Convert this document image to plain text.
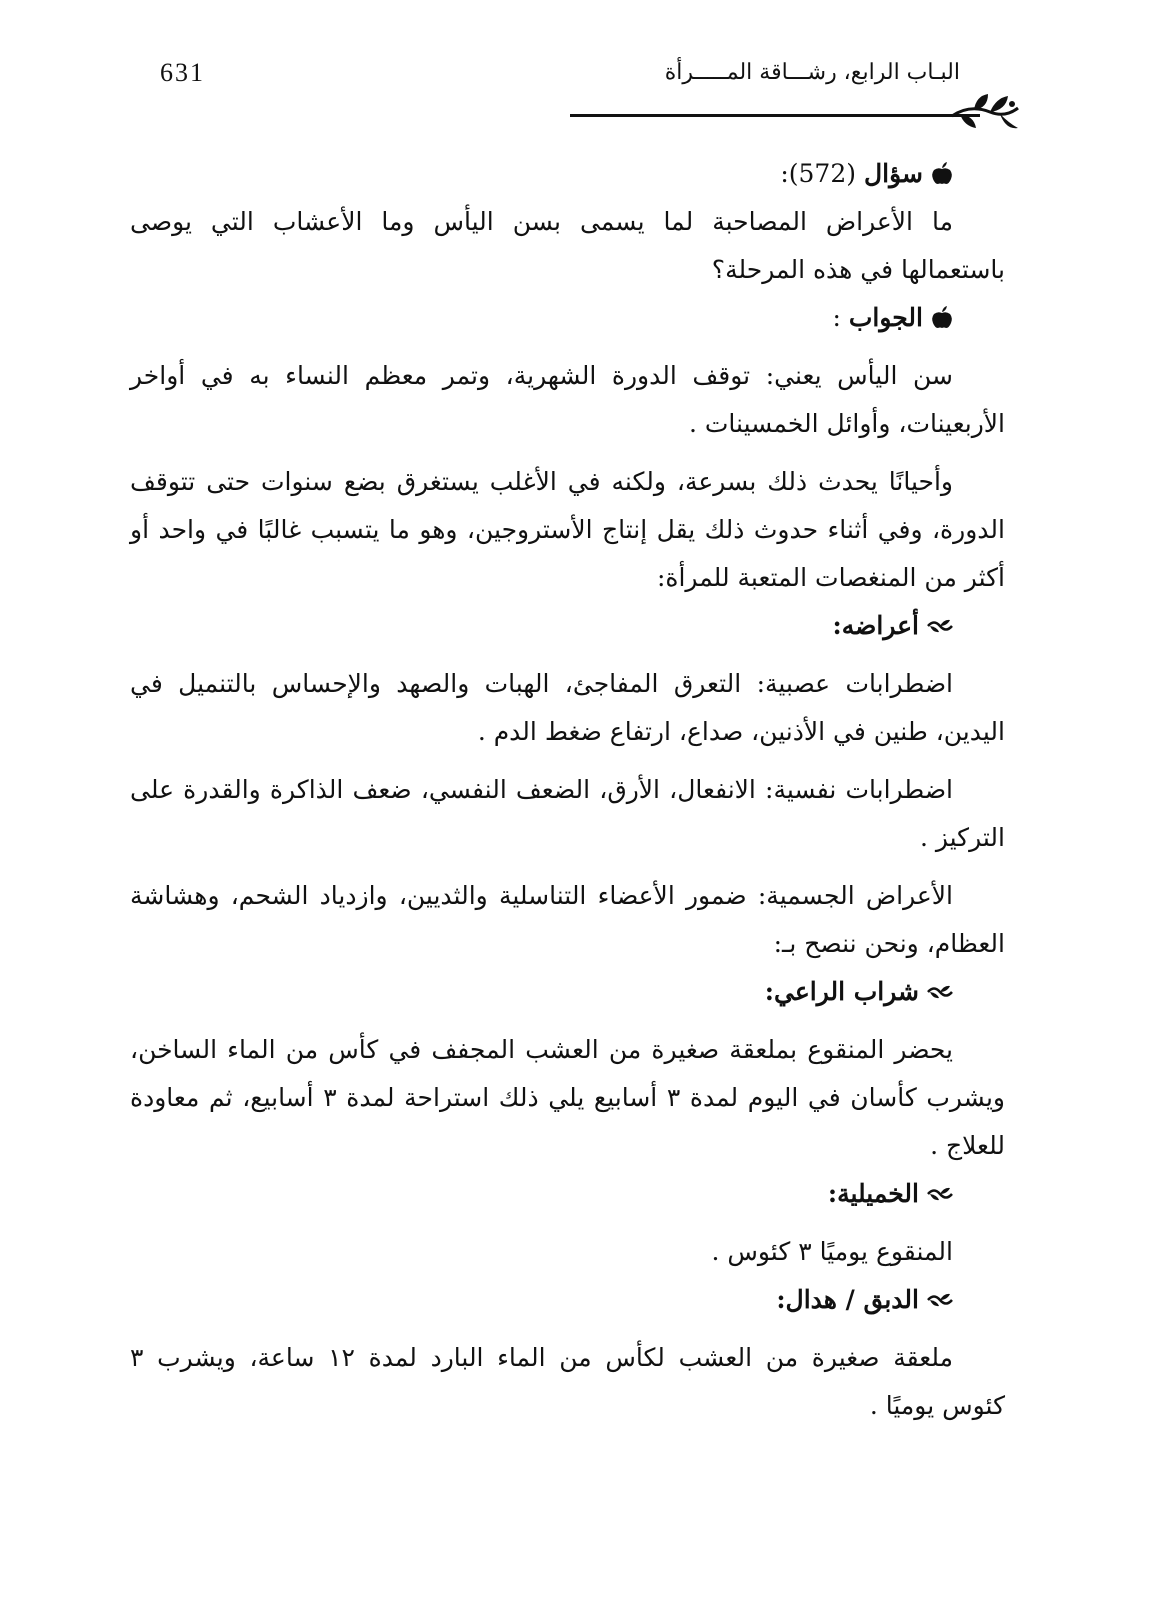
631	البـاب الرابع، رشـــاقة المـــــرأة
سؤال
(572):

ما الأعراض المصاحبة لما يسمى بسن اليأس وما الأعشاب التي يوصى باستعمالها في هذه المرحلة؟

الجواب
:

سن اليأس يعني: توقف الدورة الشهرية، وتمر معظم النساء به في أواخر الأربعينات، وأوائل الخمسينات .

وأحيانًا يحدث ذلك بسرعة، ولكنه في الأغلب يستغرق بضع سنوات حتى تتوقف الدورة، وفي أثناء حدوث ذلك يقل إنتاج الأستروجين، وهو ما يتسبب غالبًا في واحد أو أكثر من المنغصات المتعبة للمرأة:

أعراضه:

اضطرابات عصبية: التعرق المفاجئ، الهبات والصهد والإحساس بالتنميل في اليدين، طنين في الأذنين، صداع، ارتفاع ضغط الدم .

اضطرابات نفسية: الانفعال، الأرق، الضعف النفسي، ضعف الذاكرة والقدرة على التركيز .

الأعراض الجسمية: ضمور الأعضاء التناسلية والثديين، وازدياد الشحم، وهشاشة العظام، ونحن ننصح بـ:

شراب الراعي:

يحضر المنقوع بملعقة صغيرة من العشب المجفف في كأس من الماء الساخن، ويشرب كأسان في اليوم لمدة ٣ أسابيع يلي ذلك استراحة لمدة ٣ أسابيع، ثم معاودة للعلاج .

الخميلية:

المنقوع يوميًا ٣ كئوس .

الدبق / هدال:

ملعقة صغيرة من العشب لكأس من الماء البارد لمدة ١٢ ساعة، ويشرب ٣ كئوس يوميًا .
